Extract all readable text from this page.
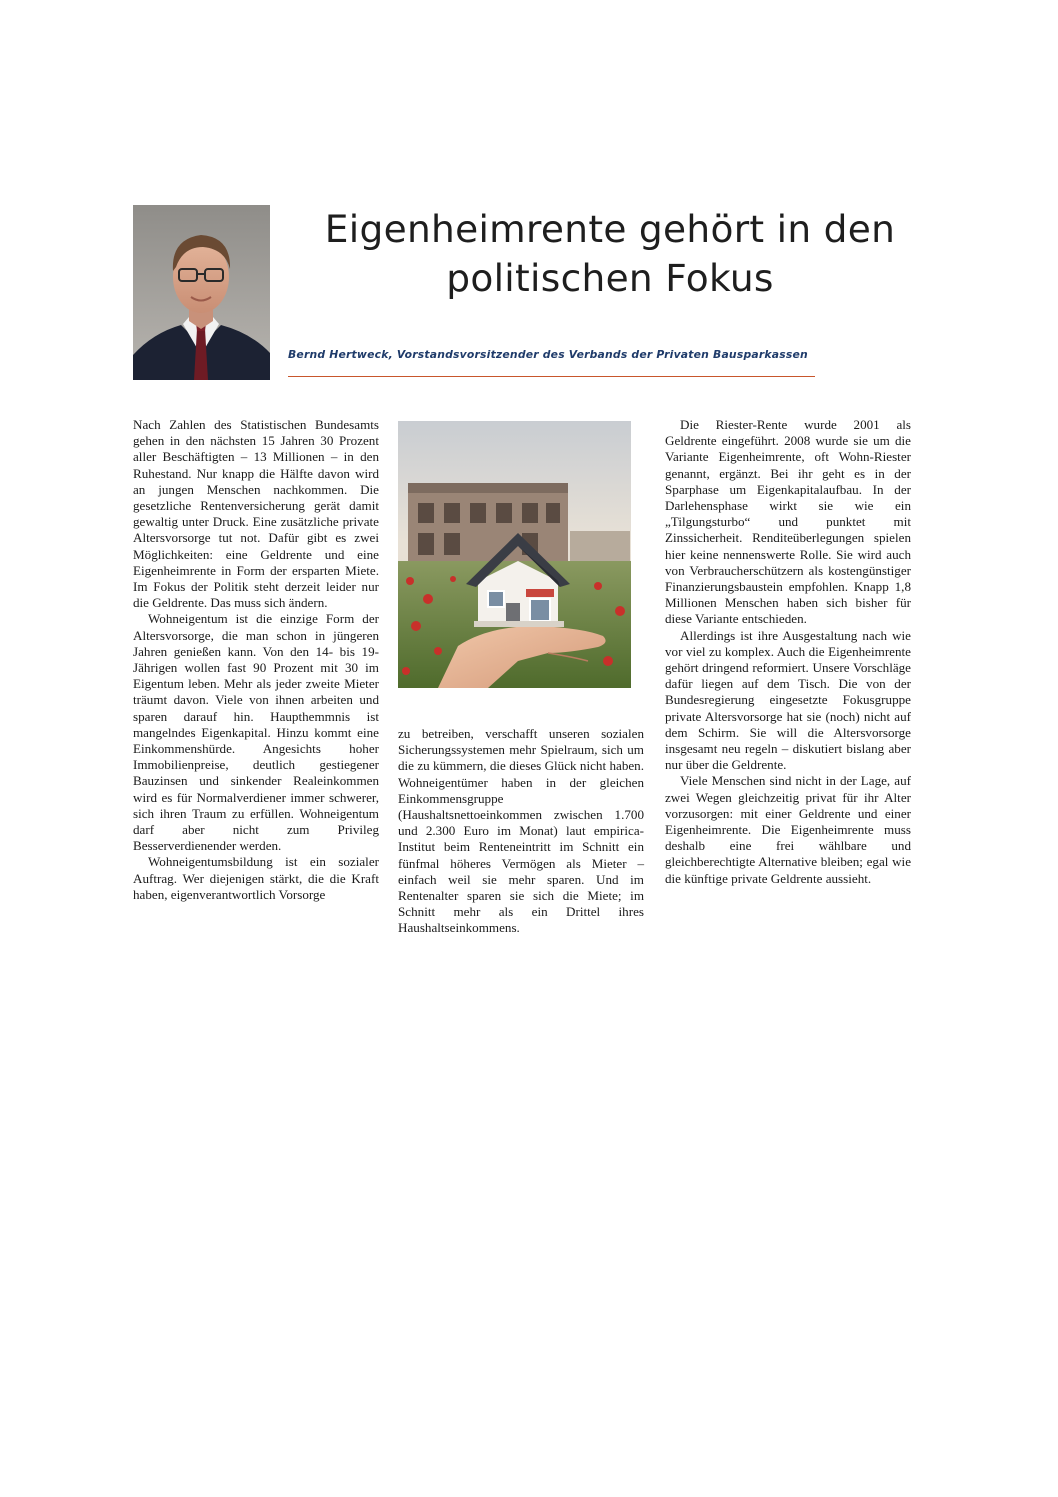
Eigenheimrente gehört in den politischen Fokus
Bernd Hertweck, Vorstandsvorsitzender des Verbands der Privaten Bausparkassen

Nach Zahlen des Statistischen Bundesamts gehen in den nächsten 15 Jahren 30 Prozent aller Beschäftigten – 13 Millionen – in den Ruhestand. Nur knapp die Hälfte davon wird an jungen Menschen nachkommen. Die gesetzliche Rentenversicherung gerät damit gewaltig unter Druck. Eine zusätzliche private Altersvorsorge tut not. Dafür gibt es zwei Möglichkeiten: eine Geldrente und eine Eigenheimrente in Form der ersparten Miete. Im Fokus der Politik steht derzeit leider nur die Geldrente. Das muss sich ändern.

Wohneigentum ist die einzige Form der Altersvorsorge, die man schon in jüngeren Jahren genießen kann. Von den 14- bis 19-Jährigen wollen fast 90 Prozent mit 30 im Eigentum leben. Mehr als jeder zweite Mieter träumt davon. Viele von ihnen arbeiten und sparen darauf hin. Haupthemmnis ist mangelndes Eigenkapital. Hinzu kommt eine Einkommenshürde. Angesichts hoher Immobilienpreise, deutlich gestiegener Bauzinsen und sinkender Realeinkommen wird es für Normalverdiener immer schwerer, sich ihren Traum zu erfüllen. Wohneigentum darf aber nicht zum Privileg Besserverdienender werden.

Wohneigentumsbildung ist ein sozialer Auftrag. Wer diejenigen stärkt, die die Kraft haben, eigenverantwortlich Vorsorge

zu betreiben, verschafft unseren sozialen Sicherungssystemen mehr Spielraum, sich um die zu kümmern, die dieses Glück nicht haben. Wohneigentümer haben in der gleichen Einkommensgruppe (Haushaltsnettoeinkommen zwischen 1.700 und 2.300 Euro im Monat) laut empirica-Institut beim Renteneintritt im Schnitt ein fünfmal höheres Vermögen als Mieter – einfach weil sie mehr sparen. Und im Rentenalter sparen sie sich die Miete; im Schnitt mehr als ein Drittel ihres Haushaltseinkommens.

Die Riester-Rente wurde 2001 als Geldrente eingeführt. 2008 wurde sie um die Variante Eigenheimrente, oft Wohn-Riester genannt, ergänzt. Bei ihr geht es in der Sparphase um Eigenkapitalaufbau. In der Darlehensphase wirkt sie wie ein „Tilgungsturbo“ und punktet mit Zinssicherheit. Renditeüberlegungen spielen hier keine nennenswerte Rolle. Sie wird auch von Verbraucherschützern als kostengünstiger Finanzierungsbaustein empfohlen. Knapp 1,8 Millionen Menschen haben sich bisher für diese Variante entschieden.

Allerdings ist ihre Ausgestaltung nach wie vor viel zu komplex. Auch die Eigenheimrente gehört dringend reformiert. Unsere Vorschläge dafür liegen auf dem Tisch. Die von der Bundesregierung eingesetzte Fokusgruppe private Altersvorsorge hat sie (noch) nicht auf dem Schirm. Sie will die Altersvorsorge insgesamt neu regeln – diskutiert bislang aber nur über die Geldrente.

Viele Menschen sind nicht in der Lage, auf zwei Wegen gleichzeitig privat für ihr Alter vorzusorgen: mit einer Geldrente und einer Eigenheimrente. Die Eigenheimrente muss deshalb eine frei wählbare und gleichberechtigte Alternative bleiben; egal wie die künftige private Geldrente aussieht.
